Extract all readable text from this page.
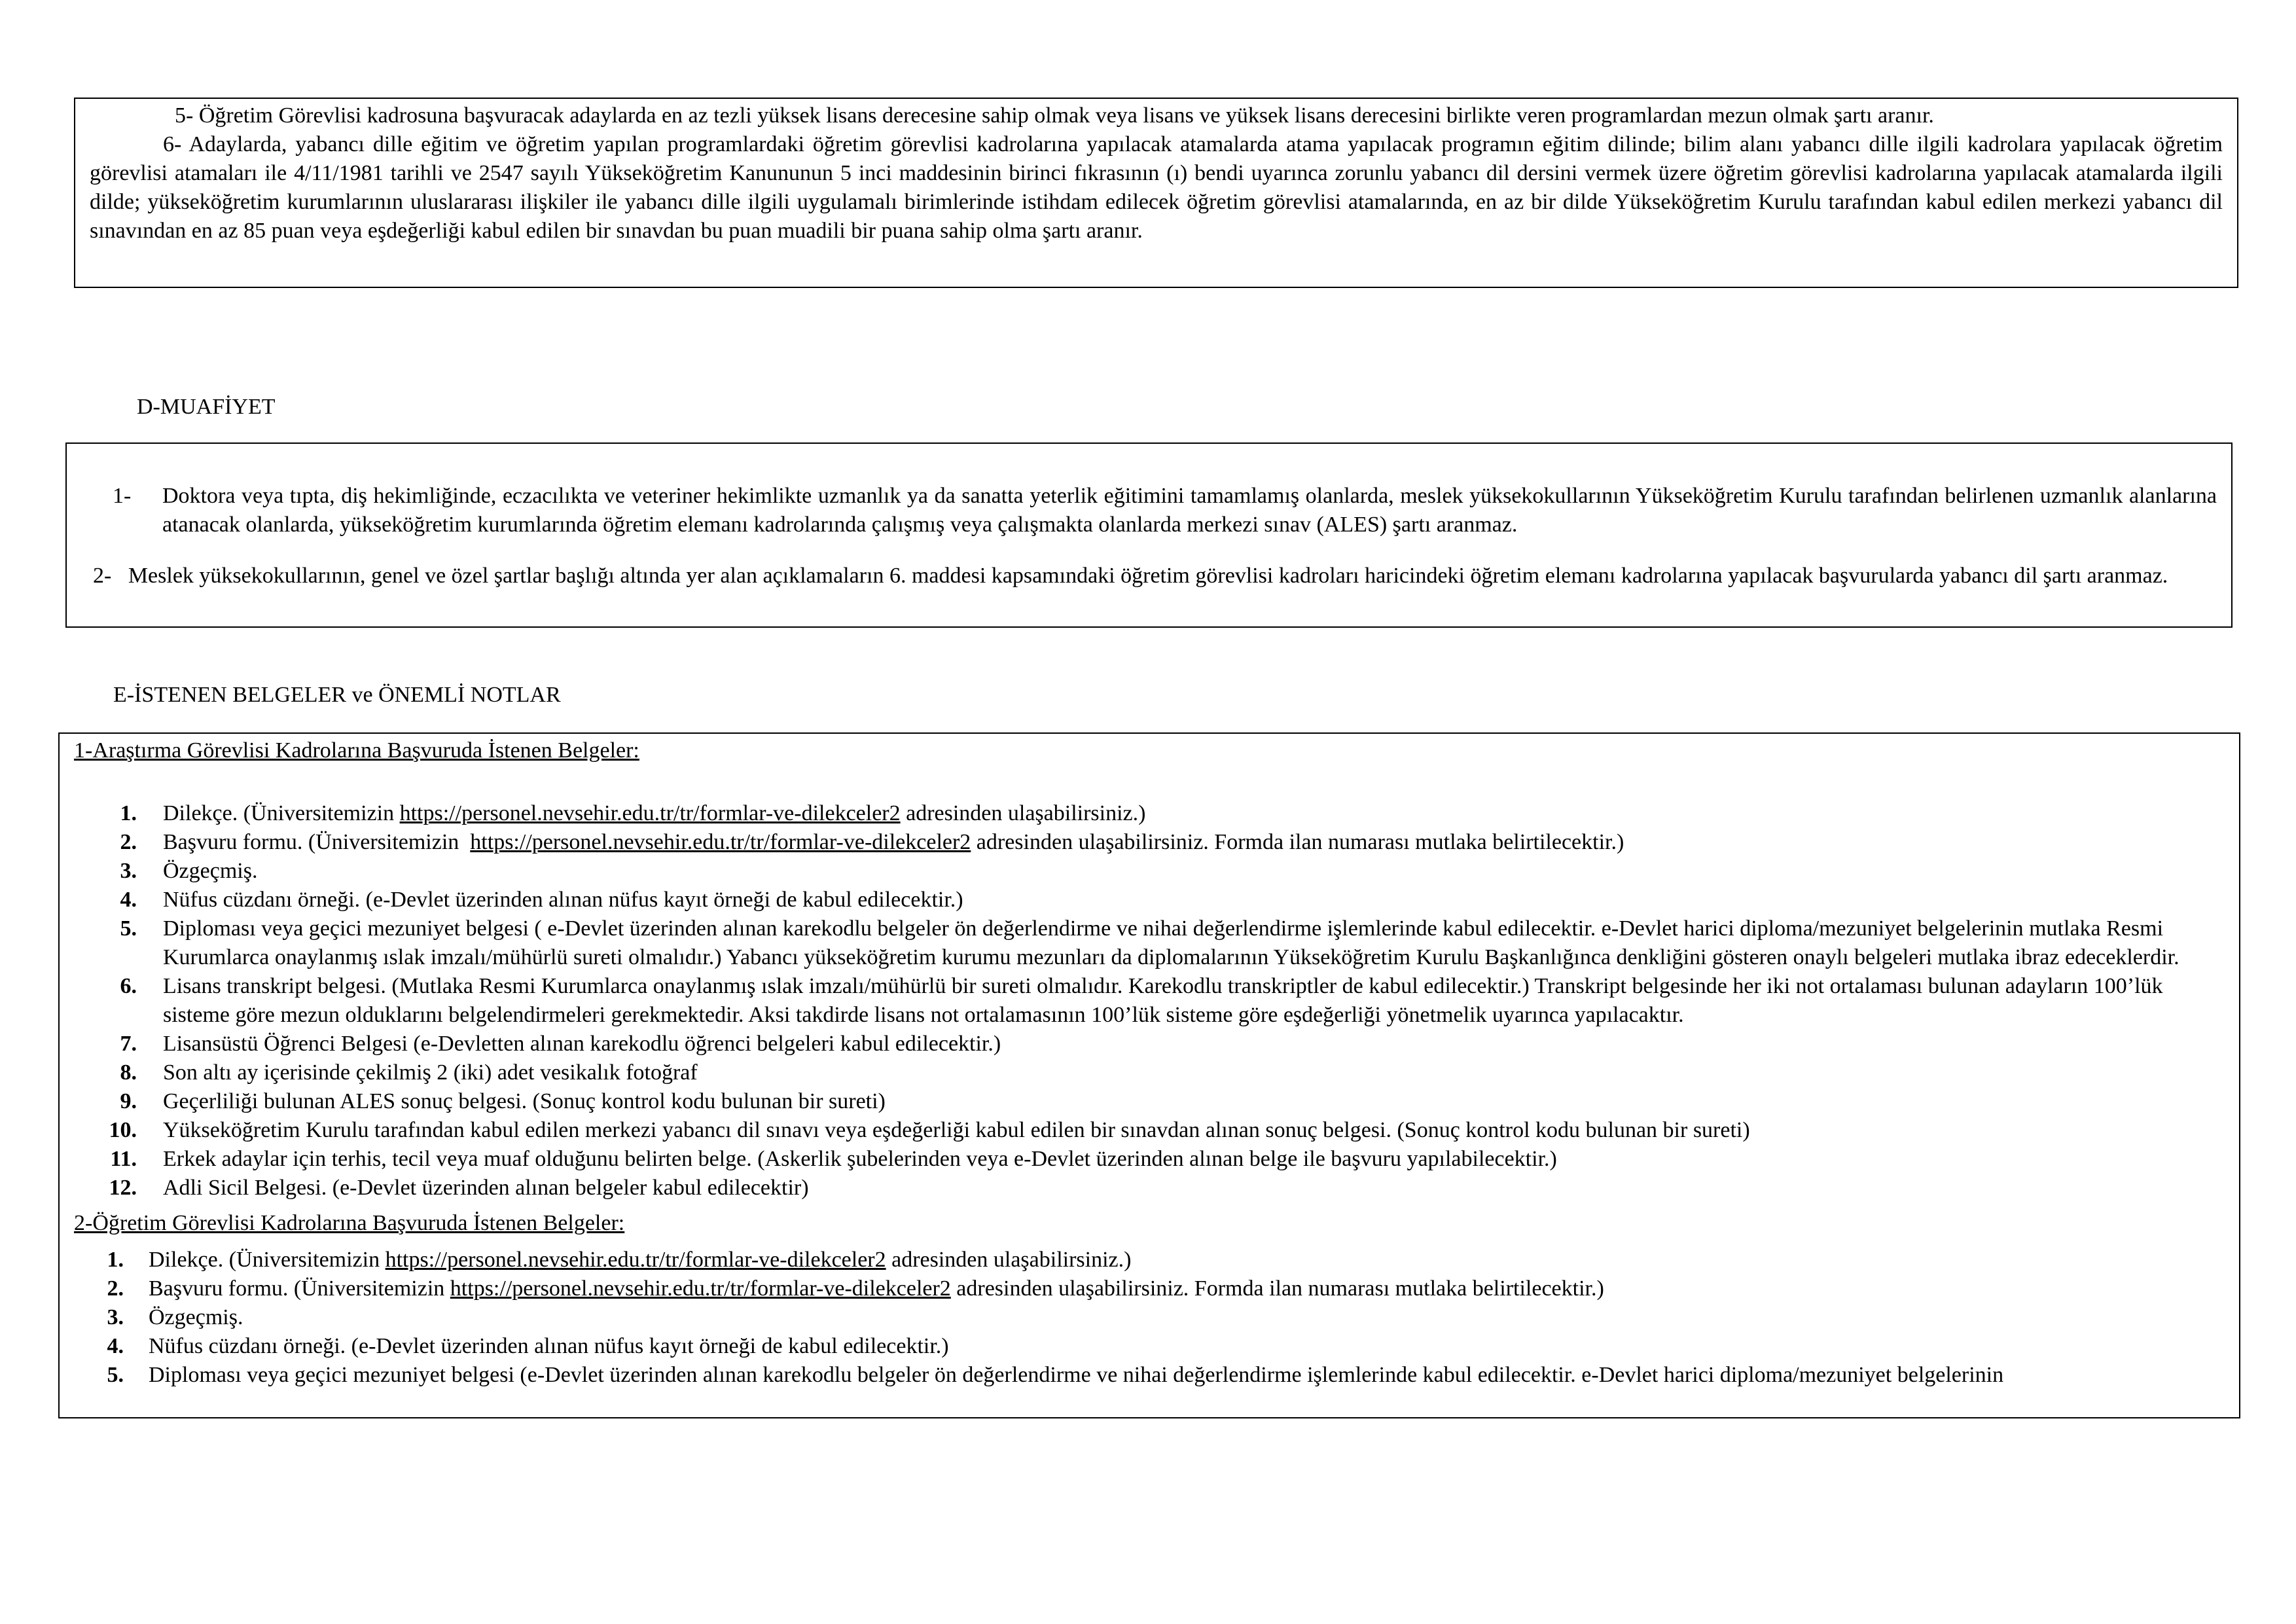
5- Öğretim Görevlisi kadrosuna başvuracak adaylarda en az tezli yüksek lisans derecesine sahip olmak veya lisans ve yüksek lisans derecesini birlikte veren programlardan mezun olmak şartı aranır.

6- Adaylarda, yabancı dille eğitim ve öğretim yapılan programlardaki öğretim görevlisi kadrolarına yapılacak atamalarda atama yapılacak programın eğitim dilinde; bilim alanı yabancı dille ilgili kadrolara yapılacak öğretim görevlisi atamaları ile 4/11/1981 tarihli ve 2547 sayılı Yükseköğretim Kanununun 5 inci maddesinin birinci fıkrasının (ı) bendi uyarınca zorunlu yabancı dil dersini vermek üzere öğretim görevlisi kadrolarına yapılacak atamalarda ilgili dilde; yükseköğretim kurumlarının uluslararası ilişkiler ile yabancı dille ilgili uygulamalı birimlerinde istihdam edilecek öğretim görevlisi atamalarında, en az bir dilde Yükseköğretim Kurulu tarafından kabul edilen merkezi yabancı dil sınavından en az 85 puan veya eşdeğerliği kabul edilen bir sınavdan bu puan muadili bir puana sahip olma şartı aranır.

D-MUAFİYET

1-	Doktora veya tıpta, diş hekimliğinde, eczacılıkta ve veteriner hekimlikte uzmanlık ya da sanatta yeterlik eğitimini tamamlamış olanlarda, meslek yüksekokullarının Yükseköğretim Kurulu tarafından belirlenen uzmanlık alanlarına atanacak olanlarda, yükseköğretim kurumlarında öğretim elemanı kadrolarında çalışmış veya çalışmakta olanlarda merkezi sınav (ALES) şartı aranmaz.

2- Meslek yüksekokullarının, genel ve özel şartlar başlığı altında yer alan açıklamaların 6. maddesi kapsamındaki öğretim görevlisi kadroları haricindeki öğretim elemanı kadrolarına yapılacak başvurularda yabancı dil şartı aranmaz.

E-İSTENEN BELGELER ve ÖNEMLİ NOTLAR

1-Araştırma Görevlisi Kadrolarına Başvuruda İstenen Belgeler:

1.	Dilekçe. (Üniversitemizin https://personel.nevsehir.edu.tr/tr/formlar-ve-dilekceler2 adresinden ulaşabilirsiniz.)
2.	Başvuru formu. (Üniversitemizin  https://personel.nevsehir.edu.tr/tr/formlar-ve-dilekceler2 adresinden ulaşabilirsiniz. Formda ilan numarası mutlaka belirtilecektir.)
3.	Özgeçmiş.
4.	Nüfus cüzdanı örneği. (e-Devlet üzerinden alınan nüfus kayıt örneği de kabul edilecektir.)
5.	Diploması veya geçici mezuniyet belgesi ( e-Devlet üzerinden alınan karekodlu belgeler ön değerlendirme ve nihai değerlendirme işlemlerinde kabul edilecektir. e-Devlet harici diploma/mezuniyet belgelerinin mutlaka Resmi Kurumlarca onaylanmış ıslak imzalı/mühürlü sureti olmalıdır.) Yabancı yükseköğretim kurumu mezunları da diplomalarının Yükseköğretim Kurulu Başkanlığınca denkliğini gösteren onaylı belgeleri mutlaka ibraz edeceklerdir.
6.	Lisans transkript belgesi. (Mutlaka Resmi Kurumlarca onaylanmış ıslak imzalı/mühürlü bir sureti olmalıdır. Karekodlu transkriptler de kabul edilecektir.) Transkript belgesinde her iki not ortalaması bulunan adayların 100’lük sisteme göre mezun olduklarını belgelendirmeleri gerekmektedir. Aksi takdirde lisans not ortalamasının 100’lük sisteme göre eşdeğerliği yönetmelik uyarınca yapılacaktır.
7.	Lisansüstü Öğrenci Belgesi (e-Devletten alınan karekodlu öğrenci belgeleri kabul edilecektir.)
8.	Son altı ay içerisinde çekilmiş 2 (iki) adet vesikalık fotoğraf
9.	Geçerliliği bulunan ALES sonuç belgesi. (Sonuç kontrol kodu bulunan bir sureti)
10.	Yükseköğretim Kurulu tarafından kabul edilen merkezi yabancı dil sınavı veya eşdeğerliği kabul edilen bir sınavdan alınan sonuç belgesi. (Sonuç kontrol kodu bulunan bir sureti)
11.	Erkek adaylar için terhis, tecil veya muaf olduğunu belirten belge. (Askerlik şubelerinden veya e-Devlet üzerinden alınan belge ile başvuru yapılabilecektir.)
12.	Adli Sicil Belgesi. (e-Devlet üzerinden alınan belgeler kabul edilecektir)

2-Öğretim Görevlisi Kadrolarına Başvuruda İstenen Belgeler:

1.	Dilekçe. (Üniversitemizin https://personel.nevsehir.edu.tr/tr/formlar-ve-dilekceler2 adresinden ulaşabilirsiniz.)
2.	Başvuru formu. (Üniversitemizin https://personel.nevsehir.edu.tr/tr/formlar-ve-dilekceler2 adresinden ulaşabilirsiniz. Formda ilan numarası mutlaka belirtilecektir.)
3.	Özgeçmiş.
4.	Nüfus cüzdanı örneği. (e-Devlet üzerinden alınan nüfus kayıt örneği de kabul edilecektir.)
5.	Diploması veya geçici mezuniyet belgesi (e-Devlet üzerinden alınan karekodlu belgeler ön değerlendirme ve nihai değerlendirme işlemlerinde kabul edilecektir. e-Devlet harici diploma/mezuniyet belgelerinin
